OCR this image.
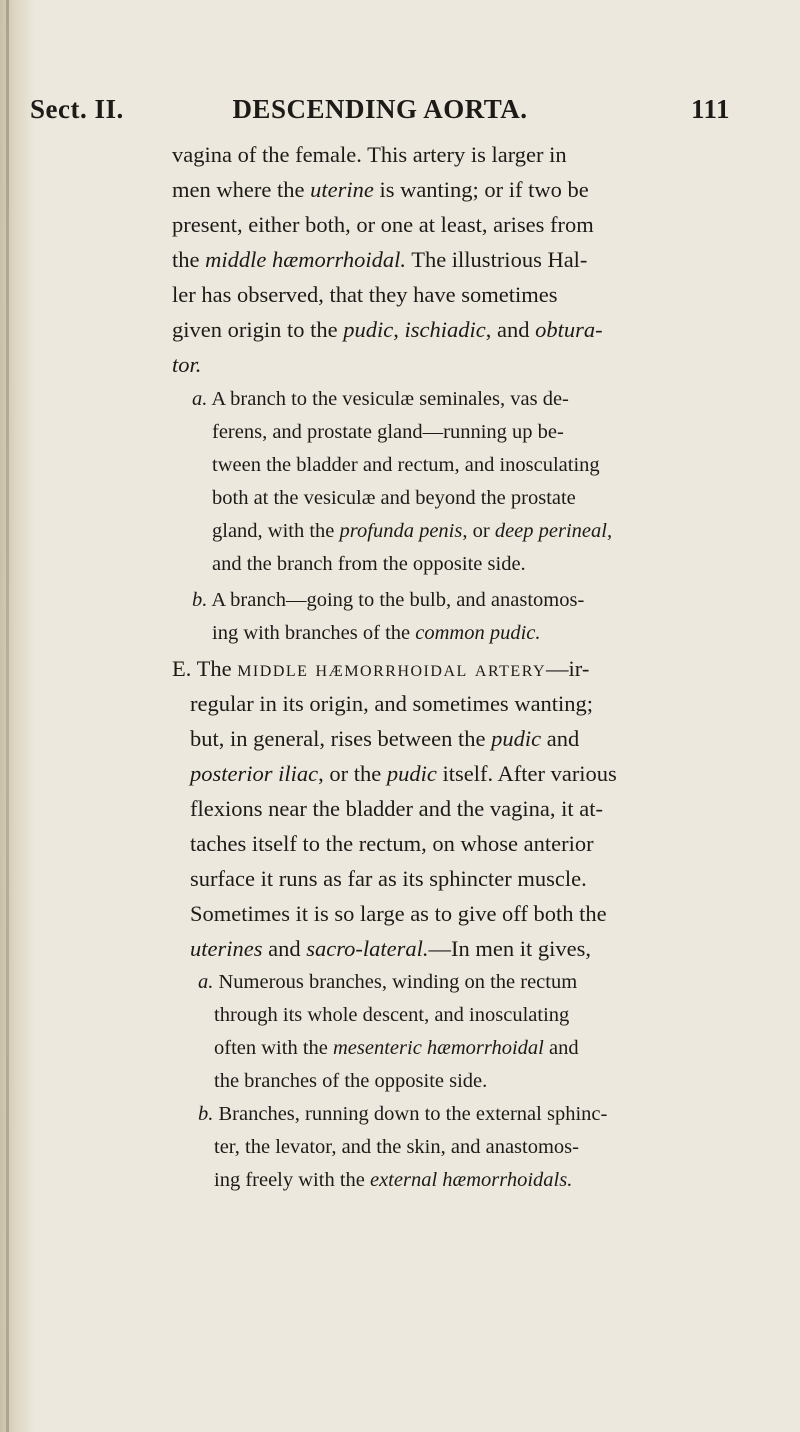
Sect. II.	DESCENDING AORTA.	111
vagina of the female. This artery is larger in
men where the uterine is wanting; or if two be
present, either both, or one at least, arises from
the middle hæmorrhoidal. The illustrious Hal-
ler has observed, that they have sometimes
given origin to the pudic, ischiadic, and obtura-
tor.
a. A branch to the vesiculæ seminales, vas de-
ferens, and prostate gland—running up be-
tween the bladder and rectum, and inosculating
both at the vesiculæ and beyond the prostate
gland, with the profunda penis, or deep perineal,
and the branch from the opposite side.
b. A branch—going to the bulb, and anastomos-
ing with branches of the common pudic.
E. The middle hæmorrhoidal artery—ir-
regular in its origin, and sometimes wanting;
but, in general, rises between the pudic and
posterior iliac, or the pudic itself. After various
flexions near the bladder and the vagina, it at-
taches itself to the rectum, on whose anterior
surface it runs as far as its sphincter muscle.
Sometimes it is so large as to give off both the
uterines and sacro-lateral.—In men it gives,
a. Numerous branches, winding on the rectum
through its whole descent, and inosculating
often with the mesenteric hæmorrhoidal and
the branches of the opposite side.
b. Branches, running down to the external sphinc-
ter, the levator, and the skin, and anastomos-
ing freely with the external hæmorrhoidals.
